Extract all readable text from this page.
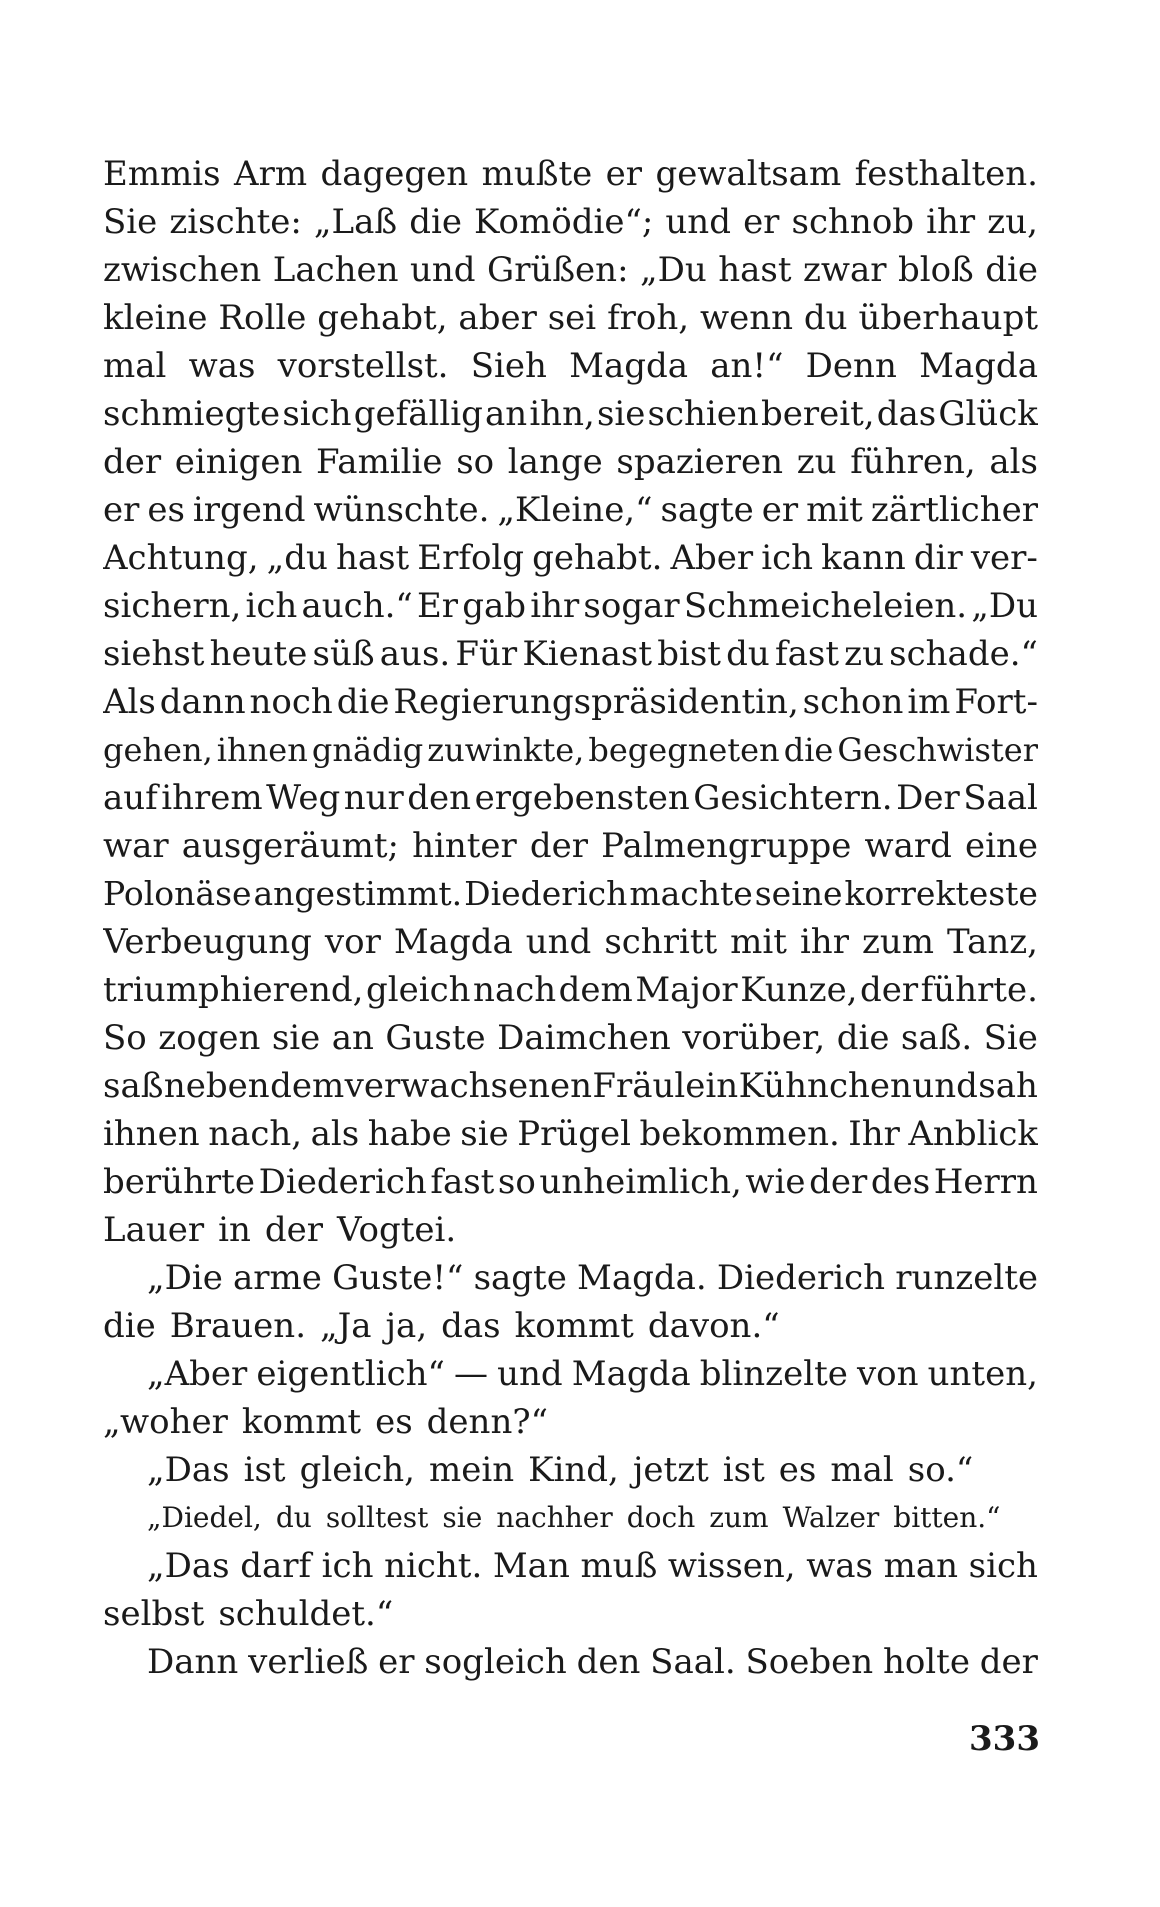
Emmis Arm dagegen mußte er gewaltsam festhalten.
Sie zischte: „Laß die Komödie“; und er schnob ihr zu,
zwischen Lachen und Grüßen: „Du hast zwar bloß die
kleine Rolle gehabt, aber sei froh, wenn du überhaupt
mal was vorstellst. Sieh Magda an!“ Denn Magda
schmiegte sich gefällig an ihn, sie schien bereit, das Glück
der einigen Familie so lange spazieren zu führen, als
er es irgend wünschte. „Kleine,“ sagte er mit zärtlicher
Achtung, „du hast Erfolg gehabt. Aber ich kann dir ver-
sichern, ich auch.“ Er gab ihr sogar Schmeicheleien. „Du
siehst heute süß aus. Für Kienast bist du fast zu schade.“
Als dann noch die Regierungspräsidentin, schon im Fort-
gehen, ihnen gnädig zuwinkte, begegneten die Geschwister
auf ihrem Weg nur den ergebensten Gesichtern. Der Saal
war ausgeräumt; hinter der Palmengruppe ward eine
Polonäse angestimmt. Diederich machte seine korrekteste
Verbeugung vor Magda und schritt mit ihr zum Tanz,
triumphierend, gleich nach dem Major Kunze, der führte.
So zogen sie an Guste Daimchen vorüber, die saß. Sie
saß neben dem verwachsenen Fräulein Kühnchen und sah
ihnen nach, als habe sie Prügel bekommen. Ihr Anblick
berührte Diederich fast so unheimlich, wie der des Herrn
Lauer in der Vogtei.
„Die arme Guste!“ sagte Magda. Diederich runzelte
die Brauen. „Ja ja, das kommt davon.“
„Aber eigentlich“ — und Magda blinzelte von unten,
„woher kommt es denn?“
„Das ist gleich, mein Kind, jetzt ist es mal so.“
„Diedel, du solltest sie nachher doch zum Walzer bitten.“
„Das darf ich nicht. Man muß wissen, was man sich
selbst schuldet.“
Dann verließ er sogleich den Saal. Soeben holte der
333
